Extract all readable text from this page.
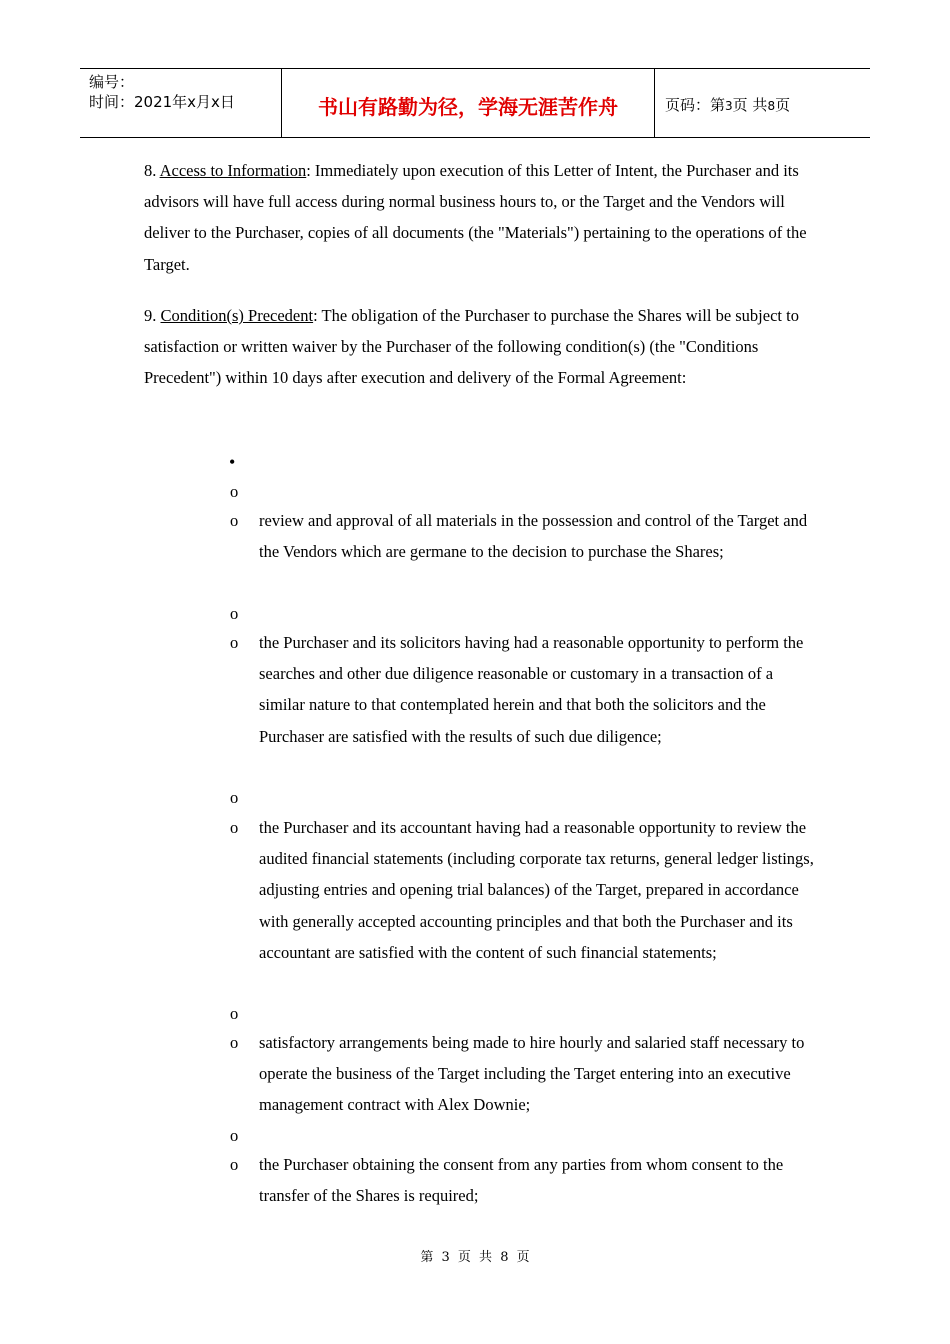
编号：
时间：2021年x月x日	书山有路勤为径，学海无涯苦作舟	页码：第3页 共8页
8. Access to Information: Immediately upon execution of this Letter of Intent, the Purchaser and its advisors will have full access during normal business hours to, or the Target and the Vendors will deliver to the Purchaser, copies of all documents (the "Materials") pertaining to the operations of the Target.
9. Condition(s) Precedent: The obligation of the Purchaser to purchase the Shares will be subject to satisfaction or written waiver by the Purchaser of the following condition(s) (the "Conditions Precedent") within 10 days after execution and delivery of the Formal Agreement:
•
o
o review and approval of all materials in the possession and control of the Target and the Vendors which are germane to the decision to purchase the Shares;
o
o the Purchaser and its solicitors having had a reasonable opportunity to perform the searches and other due diligence reasonable or customary in a transaction of a similar nature to that contemplated herein and that both the solicitors and the Purchaser are satisfied with the results of such due diligence;
o
o the Purchaser and its accountant having had a reasonable opportunity to review the audited financial statements (including corporate tax returns, general ledger listings, adjusting entries and opening trial balances) of the Target, prepared in accordance with generally accepted accounting principles and that both the Purchaser and its accountant are satisfied with the content of such financial statements;
o
o satisfactory arrangements being made to hire hourly and salaried staff necessary to operate the business of the Target including the Target entering into an executive management contract with Alex Downie;
o
o the Purchaser obtaining the consent from any parties from whom consent to the transfer of the Shares is required;
第 3 页 共 8 页
